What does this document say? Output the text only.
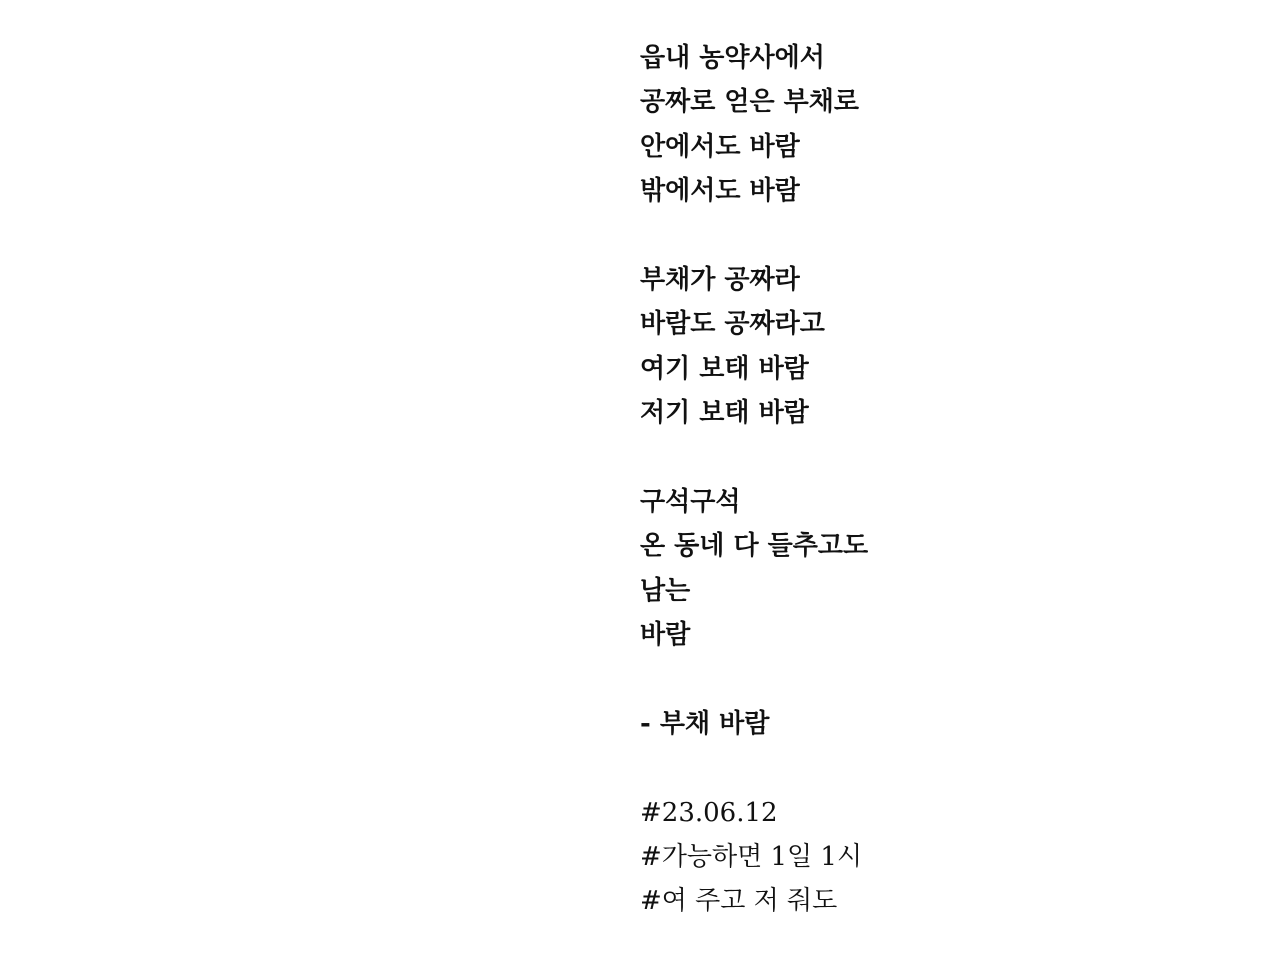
읍내 농약사에서
공짜로 얻은 부채로
안에서도 바람
밖에서도 바람
부채가 공짜라
바람도 공짜라고
여기 보태 바람
저기 보태 바람
구석구석
온 동네 다 들추고도
남는
바람
- 부채 바람
#23.06.12
#가능하면 1일 1시
#여 주고 저 줘도
